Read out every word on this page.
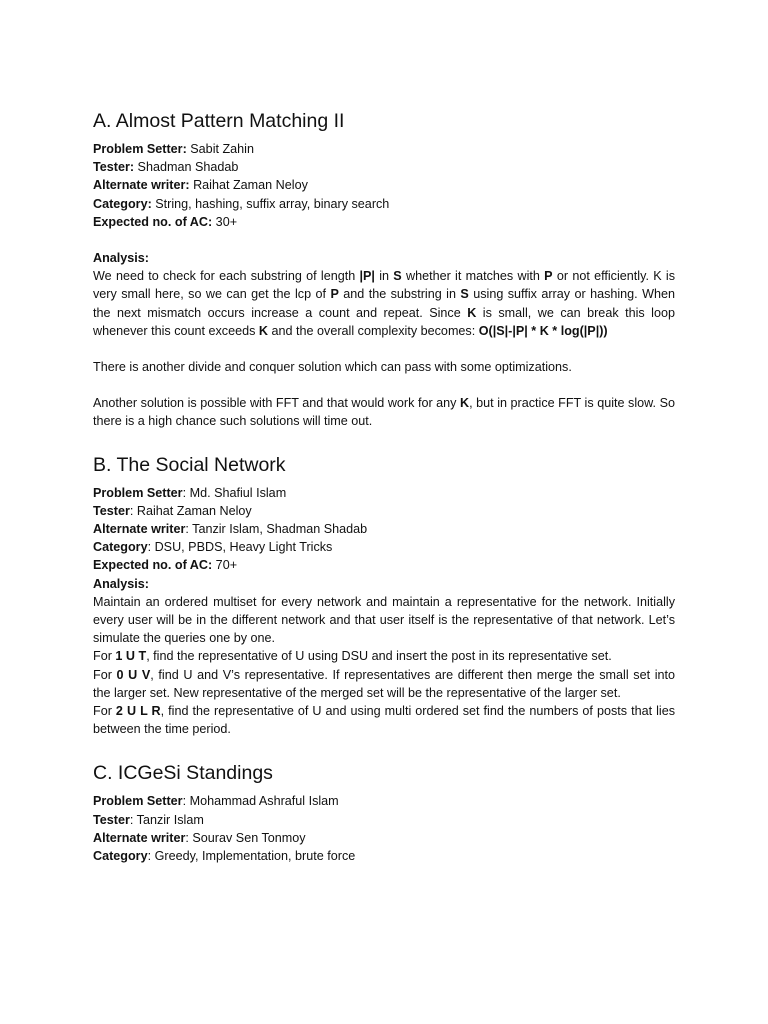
A. Almost Pattern Matching II

Problem Setter: Sabit Zahin

Tester: Shadman Shadab

Alternate writer: Raihat Zaman Neloy

Category: String, hashing, suffix array, binary search

Expected no. of AC: 30+

Analysis:

We need to check for each substring of length |P| in S whether it matches with P or not efficiently. K is very small here, so we can get the lcp of P and the substring in S using suffix array or hashing. When the next mismatch occurs increase a count and repeat. Since K is small, we can break this loop whenever this count exceeds K and the overall complexity becomes: O(|S|-|P| * K * log(|P|))

There is another divide and conquer solution which can pass with some optimizations.

Another solution is possible with FFT and that would work for any K, but in practice FFT is quite slow. So there is a high chance such solutions will time out.

B. The Social Network

Problem Setter: Md. Shafiul Islam

Tester: Raihat Zaman Neloy

Alternate writer: Tanzir Islam, Shadman Shadab

Category: DSU, PBDS, Heavy Light Tricks

Expected no. of AC: 70+

Analysis:

Maintain an ordered multiset for every network and maintain a representative for the network. Initially every user will be in the different network and that user itself is the representative of that network. Let’s simulate the queries one by one.

For 1 U T, find the representative of U using DSU and insert the post in its representative set.

For 0 U V, find U and V’s representative. If representatives are different then merge the small set into the larger set. New representative of the merged set will be the representative of the larger set.

For 2 U L R, find the representative of U and using multi ordered set find the numbers of posts that lies between the time period.

C. ICGeSi Standings

Problem Setter: Mohammad Ashraful Islam

Tester: Tanzir Islam

Alternate writer: Sourav Sen Tonmoy

Category: Greedy, Implementation, brute force
